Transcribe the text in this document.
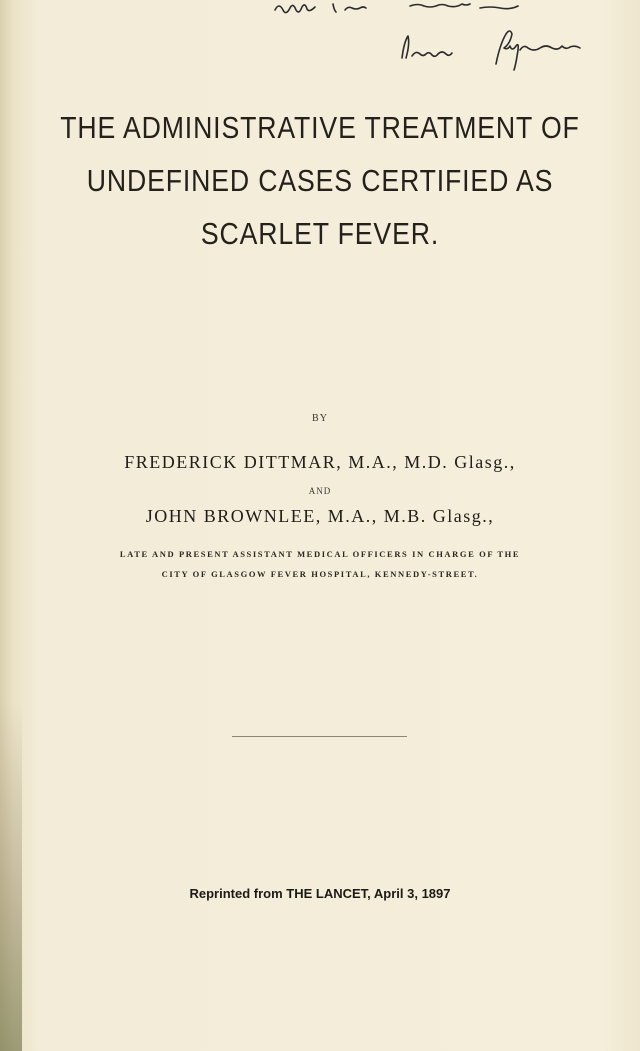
THE ADMINISTRATIVE TREATMENT OF
UNDEFINED CASES CERTIFIED AS
SCARLET FEVER.
BY
FREDERICK DITTMAR, M.A., M.D. Glasg.,
AND
JOHN BROWNLEE, M.A., M.B. Glasg.,
LATE AND PRESENT ASSISTANT MEDICAL OFFICERS IN CHARGE OF THE
CITY OF GLASGOW FEVER HOSPITAL, KENNEDY-STREET.
Reprinted from THE LANCET, April 3, 1897
